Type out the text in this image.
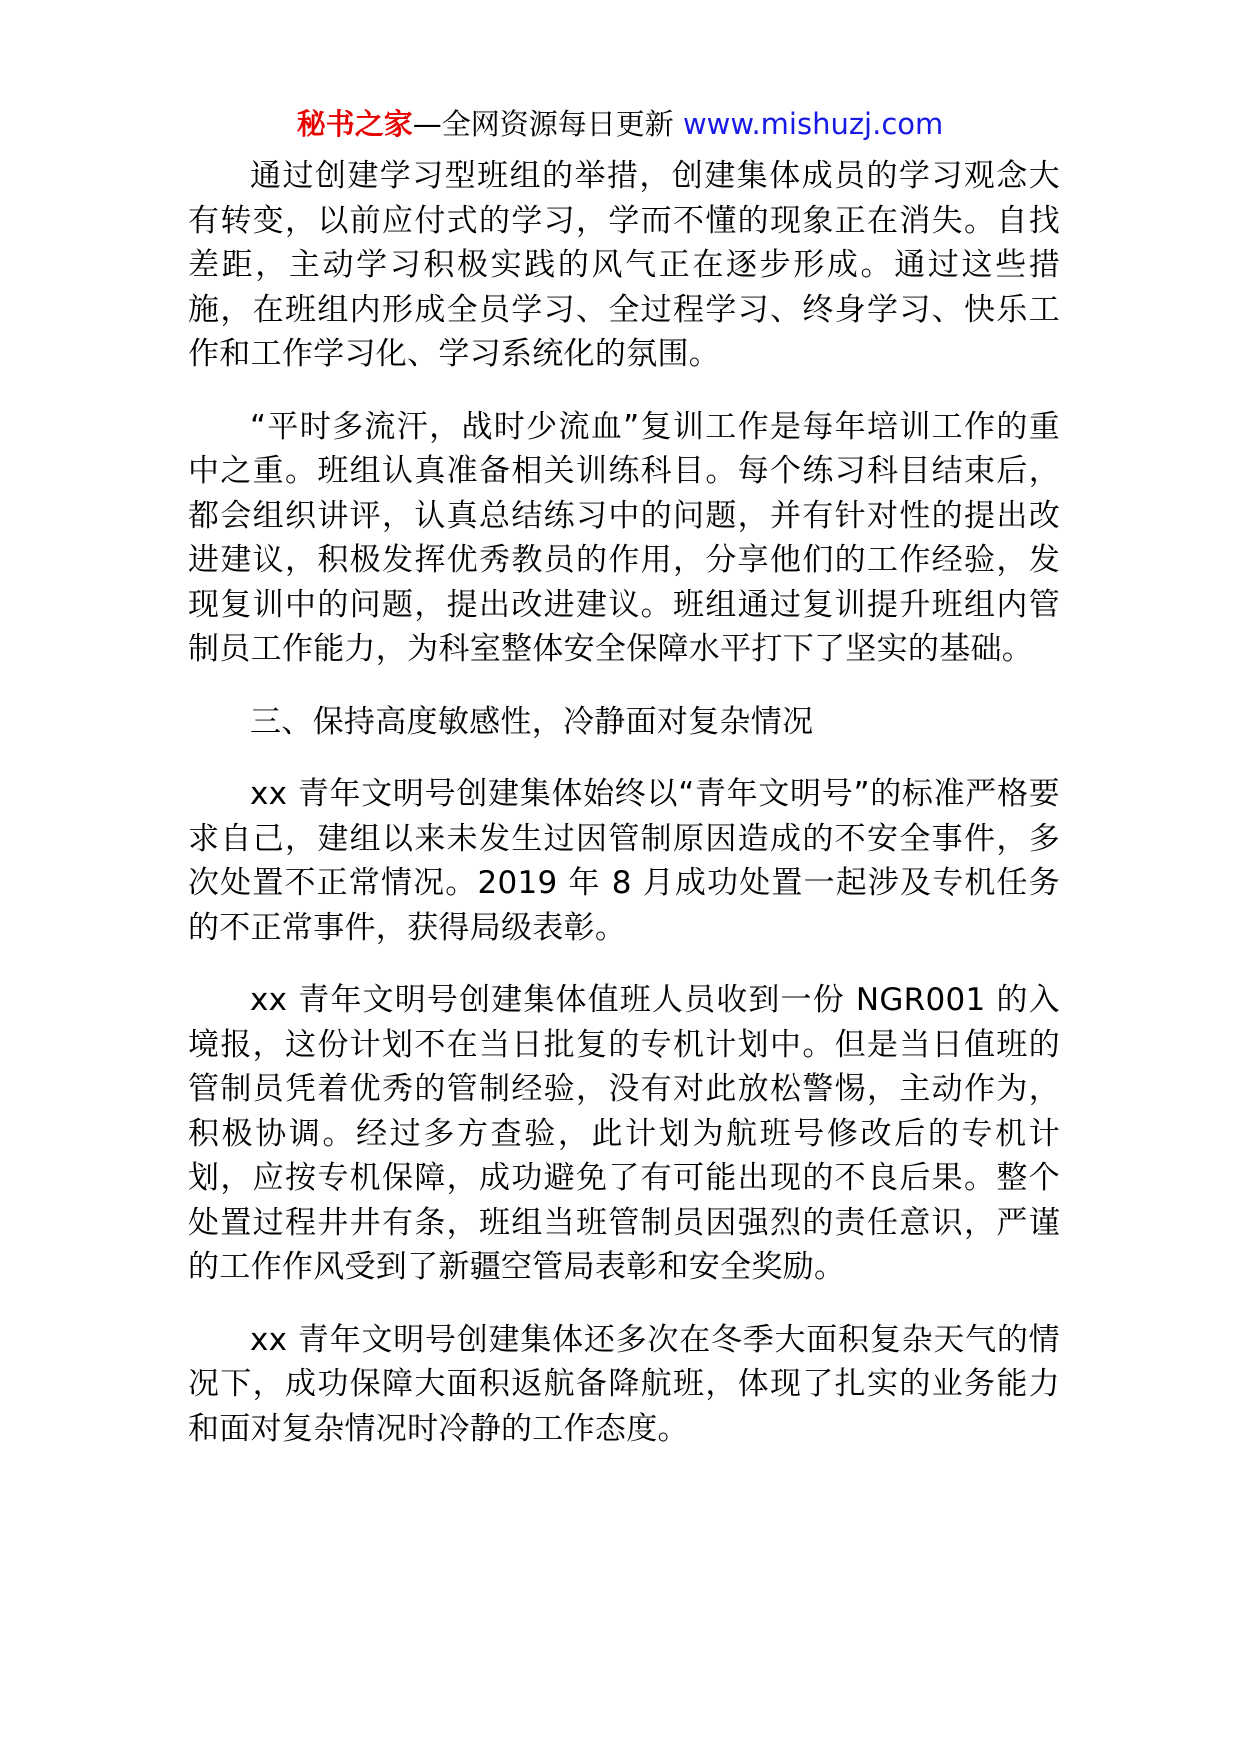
秘书之家—全网资源每日更新 www.mishuzj.com

通过创建学习型班组的举措，创建集体成员的学习观念大有转变，以前应付式的学习，学而不懂的现象正在消失。自找差距，主动学习积极实践的风气正在逐步形成。通过这些措施，在班组内形成全员学习、全过程学习、终身学习、快乐工作和工作学习化、学习系统化的氛围。

“平时多流汗，战时少流血”复训工作是每年培训工作的重中之重。班组认真准备相关训练科目。每个练习科目结束后，都会组织讲评，认真总结练习中的问题，并有针对性的提出改进建议，积极发挥优秀教员的作用，分享他们的工作经验，发现复训中的问题，提出改进建议。班组通过复训提升班组内管制员工作能力，为科室整体安全保障水平打下了坚实的基础。

三、保持高度敏感性，冷静面对复杂情况

xx 青年文明号创建集体始终以“青年文明号”的标准严格要求自己，建组以来未发生过因管制原因造成的不安全事件，多次处置不正常情况。2019 年 8 月成功处置一起涉及专机任务的不正常事件，获得局级表彰。

xx 青年文明号创建集体值班人员收到一份 NGR001 的入境报，这份计划不在当日批复的专机计划中。但是当日值班的管制员凭着优秀的管制经验，没有对此放松警惕，主动作为，积极协调。经过多方查验，此计划为航班号修改后的专机计划，应按专机保障，成功避免了有可能出现的不良后果。整个处置过程井井有条，班组当班管制员因强烈的责任意识，严谨的工作作风受到了新疆空管局表彰和安全奖励。

xx 青年文明号创建集体还多次在冬季大面积复杂天气的情况下，成功保障大面积返航备降航班，体现了扎实的业务能力和面对复杂情况时冷静的工作态度。
